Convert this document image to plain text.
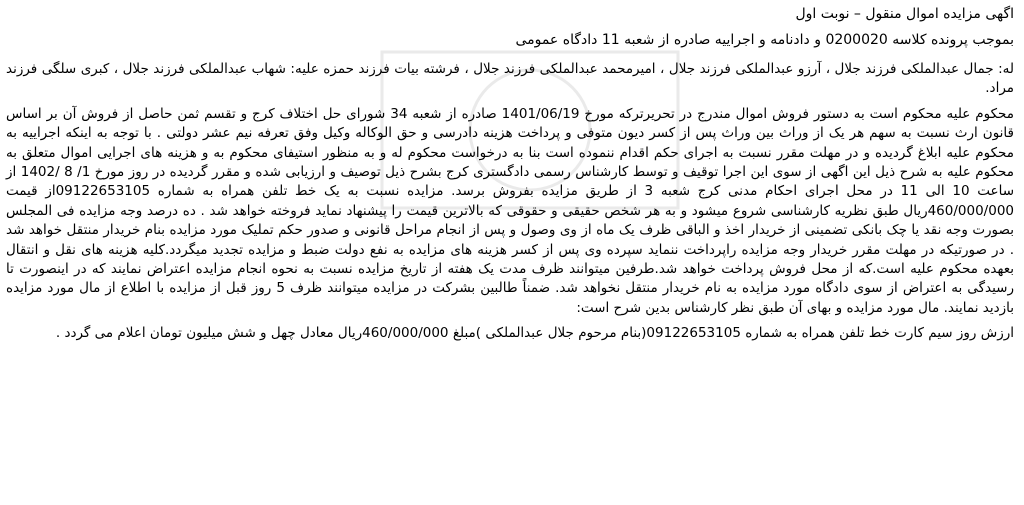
اگهی مزایده اموال منقول – نوبت اول
بموجب پرونده کلاسه 0200020 و دادنامه و اجراییه صادره از شعبه 11 دادگاه عمومی
له: جمال عبدالملکی فرزند جلال ، آرزو عبدالملکی فرزند جلال ، امیرمحمد عبدالملکی فرزند جلال ، فرشته بیات فرزند حمزه علیه: شهاب عبدالملکی فرزند جلال ، کبری سلگی فرزند مراد.
محکوم علیه محکوم است به دستور فروش اموال مندرج در تحریرترکه مورخ 1401/06/19 صادره از شعبه 34 شورای حل اختلاف کرج و تقسم ثمن حاصل از فروش آن بر اساس قانون ارث نسبت به سهم هر یک از وراث بین وراث پس از کسر دیون متوفی و پرداخت هزینه دادرسی و حق الوکاله وکیل وفق تعرفه نیم عشر دولتی . با توجه به اینکه اجراییه به محکوم علیه ابلاغ گردیده و در مهلت مقرر نسبت به اجرای حکم اقدام ننموده است بنا به درخواست محکوم له و به منظور استیفای محکوم به و هزینه های اجرایی اموال متعلق به محکوم علیه به شرح ذیل این اگهی از سوی این اجرا توقیف و توسط کارشناس رسمی دادگستری کرج بشرح ذیل توصیف و ارزیابی شده و مقرر گردیده در روز مورخ 1/ 8 /1402 از ساعت 10 الی 11 در محل اجرای احکام مدنی کرج شعبه 3 از طریق مزایده بفروش برسد. مزایده نسبت به یک خط تلفن همراه به شماره 09122653105از قیمت 460/000/000ریال طبق نظریه کارشناسی شروع میشود و به هر شخص حقیقی و حقوقی که بالاترین قیمت را پیشنهاد نماید فروخته خواهد شد . ده درصد وجه مزایده فی المجلس بصورت وجه نقد یا چک بانکی تضمینی از خریدار اخذ و الباقی ظرف یک ماه از وی وصول و پس از انجام مراحل قانونی و صدور حکم تملیک مورد مزایده بنام خریدار منتقل خواهد شد . در صورتیکه در مهلت مقرر خریدار وجه مزایده راپرداخت ننماید سپرده وی پس از کسر هزینه های مزایده به نفع دولت ضبط و مزایده تجدید میگردد.کلیه هزینه های نقل و انتقال بعهده محکوم علیه است.که از محل فروش پرداخت خواهد شد.طرفین میتوانند ظرف مدت یک هفته از تاریخ مزایده نسبت به نحوه انجام مزایده اعتراض نمایند که در اینصورت تا رسیدگی به اعتراض از سوی دادگاه مورد مزایده به نام خریدار منتقل نخواهد شد. ضمناً طالبین بشرکت در مزایده میتوانند ظرف 5 روز قبل از مزایده با اطلاع از مال مورد مزایده بازدید نمایند. مال مورد مزایده و بهای آن طبق نظر کارشناس بدین شرح است:
ارزش روز سیم کارت خط تلفن همراه به شماره 09122653105(بنام مرحوم جلال عبدالملکی )مبلغ 460/000/000ریال معادل چهل و شش میلیون تومان اعلام می گردد .
